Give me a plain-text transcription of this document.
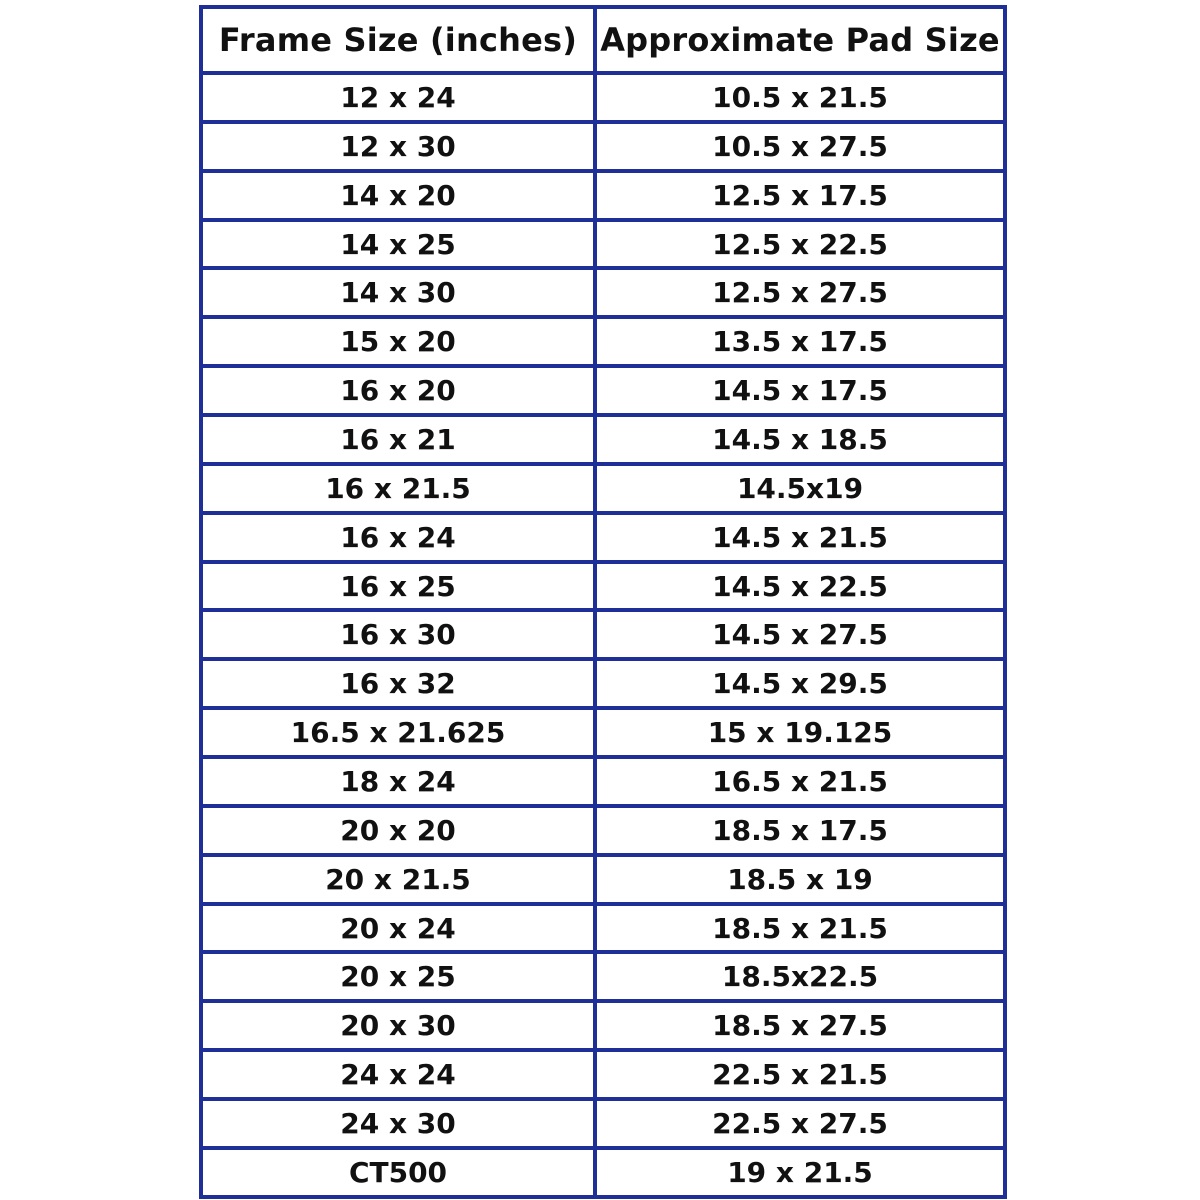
Frame Size (inches)	Approximate Pad Size
12 x 24	10.5 x 21.5
12 x 30	10.5 x 27.5
14 x 20	12.5 x 17.5
14 x 25	12.5 x 22.5
14 x 30	12.5 x 27.5
15 x 20	13.5 x 17.5
16 x 20	14.5 x 17.5
16 x 21	14.5 x 18.5
16 x 21.5	14.5x19
16 x 24	14.5 x 21.5
16 x 25	14.5 x 22.5
16 x 30	14.5 x 27.5
16 x 32	14.5 x 29.5
16.5 x 21.625	15 x 19.125
18 x 24	16.5 x 21.5
20 x 20	18.5 x 17.5
20 x 21.5	18.5 x 19
20 x 24	18.5 x 21.5
20 x 25	18.5x22.5
20 x 30	18.5 x 27.5
24 x 24	22.5 x 21.5
24 x 30	22.5 x 27.5
CT500	19 x 21.5
